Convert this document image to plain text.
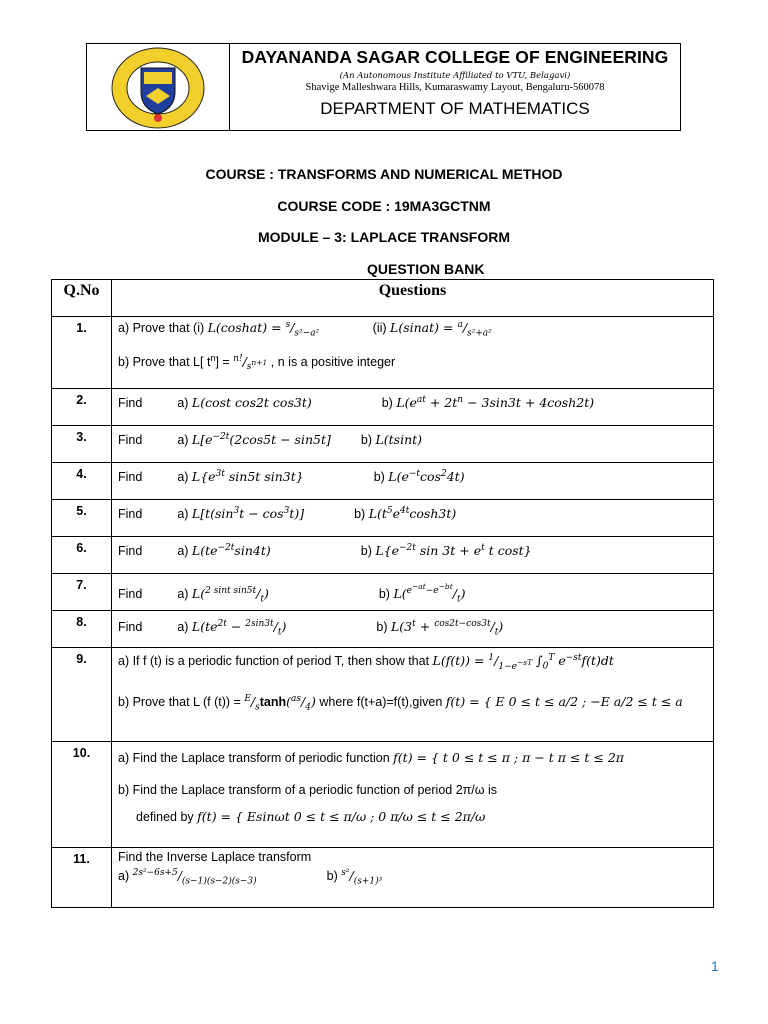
DAYANANDA SAGAR COLLEGE OF ENGINEERING
(An Autonomous Institute Affiliated to VTU, Belagavi)
Shavige Malleshwara Hills, Kumaraswamy Layout, Bengaluru-560078
DEPARTMENT OF MATHEMATICS
COURSE : TRANSFORMS AND NUMERICAL METHOD
COURSE CODE : 19MA3GCTNM
MODULE – 3: LAPLACE TRANSFORM
QUESTION BANK
Q.No	Questions
1.	a) Prove that (i) L(coshat) = $^s/_{s^2-a^2}$ (ii) L(sinat) = $^a/_{s^2+a^2}$
b) Prove that L[ $t^n] = ^{n!}/_{s^{n+1}}$ , n is a positive integer

2.	Find a) L(cost cos2t cos3t) b) $L(e^{at} + 2t^n - 3\sin 3t + 4\cosh 2t)$

3.	Find a) $L[e^{-2t}(2\cos 5t - \sin 5t]$ b) L(tsint)

4.	Find a) $L\{e^{3t}$ sin5t sin3t} b) $L(e^{-t}\cos^24t)$

5.	Find a) $L[t(\sin^3t - \cos^3t)]$ b) $L(t^5e^{4t}\cosh 3t)$

6.	Find a) $L(te^{-2t}\sin 4t)$ b) $L\{e^{-2t}$ $\sin 3t + e^t$ t cost}

7.	Find a) $L(^{2 sint sin5t}/_t)$ b) $L(^{e^{-at}-e^{-bt}}/_t)$

8.	Find a) $L(te^{2t} - ^{2sin3t}/_t)$ b) $L(3^t + ^{cos2t-cos3t}/_t)$

9.	a) If f (t) is a periodic function of period T, then show that $L(f(t)) = ^1/_{1-e^{-sT}}$ $\int_0^T$ $e^{-st}f(t)dt$
b) Prove that L (f $(t)) = ^E/_s\tanh(^{as}/_4)$ where f(t+a)=f(t),given f(t) = { E 0 ≤ t ≤ a/2 ; −E a/2 ≤ t ≤ a

10.	a) Find the Laplace transform of periodic function f(t) = { t 0 ≤ t ≤ π ; π − t π ≤ t ≤ 2π
b) Find the Laplace transform of a periodic function of period 2π/ω is
defined by f(t) = { Esinωt 0 ≤ t ≤ π/ω ; 0 π/ω ≤ t ≤ 2π/ω

11.	Find the Inverse Laplace transform
a) $^{2s^2-6s+5}/_{(s-1)(s-2)(s-3)}$ b) $^{s^2}/_{(s+1)^3}$
1
